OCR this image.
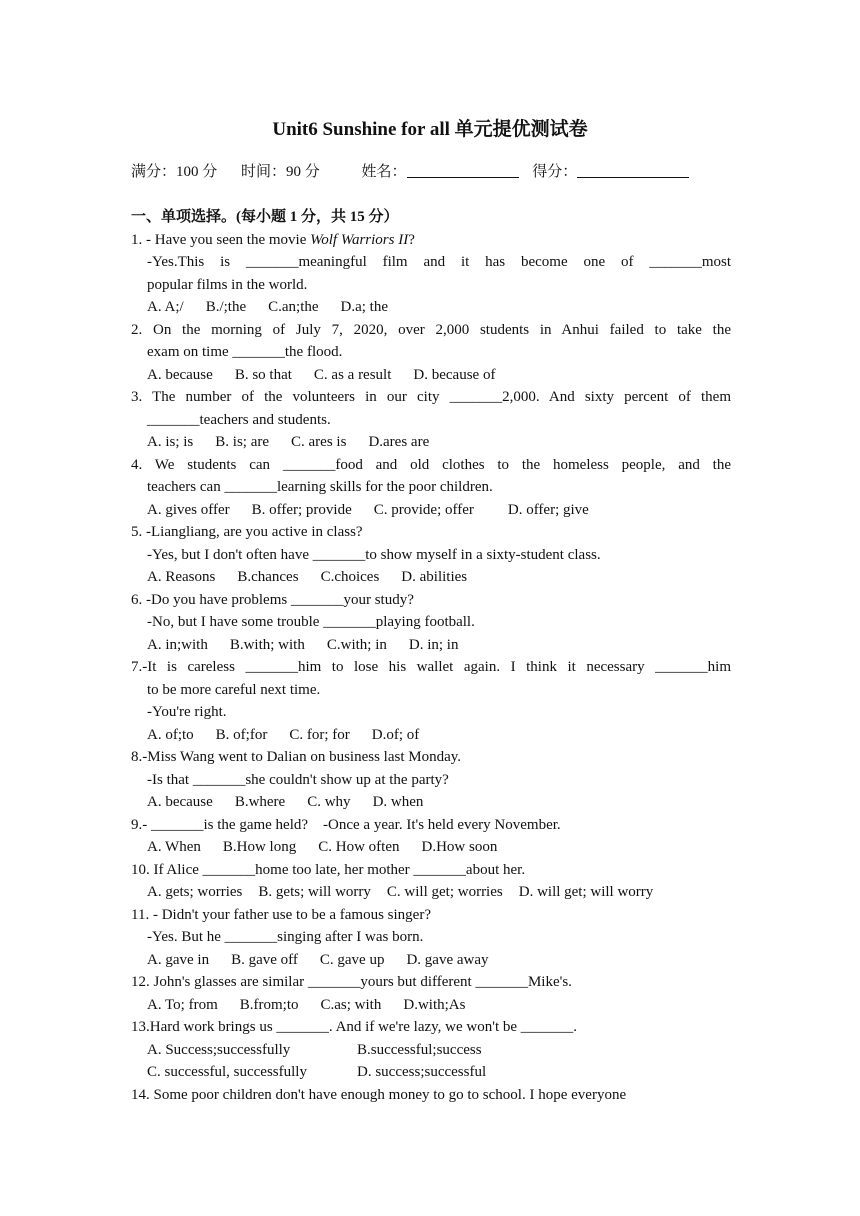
Unit6 Sunshine for all 单元提优测试卷
满分：100 分 时间：90 分	姓名：	得分：
一、单项选择。(每小题 1 分，共 15 分）
1. - Have you seen the movie Wolf Warriors II?
-Yes.This is _______meaningful film and it has become one of _______most
popular films in the world.
A. A;/ B./;the C.an;the D.a; the
2. On the morning of July 7, 2020, over 2,000 students in Anhui failed to take the
exam on time _______the flood.
A. because B. so that C. as a result D. because of
3. The number of the volunteers in our city _______2,000. And sixty percent of them
_______teachers and students.
A. is; is B. is; are C. ares is D.ares are
4. We students can _______food and old clothes to the homeless people, and the
teachers can _______learning skills for the poor children.
A. gives offer B. offer; provide C. provide; offer D. offer; give
5. -Liangliang, are you active in class?
-Yes, but I don't often have _______to show myself in a sixty-student class.
A. Reasons B.chances C.choices D. abilities
6. -Do you have problems _______your study?
-No, but I have some trouble _______playing football.
A. in;with B.with; with C.with; in D. in; in
7.-It is careless _______him to lose his wallet again. I think it necessary _______him
to be more careful next time.
-You're right.
A. of;to B. of;for C. for; for D.of; of
8.-Miss Wang went to Dalian on business last Monday.
-Is that _______she couldn't show up at the party?
A. because B.where C. why D. when
9.- _______is the game held?    -Once a year. It's held every November.
A. When B.How long C. How often D.How soon
10. If Alice _______home too late, her mother _______about her.
A. gets; worries B. gets; will worry C. will get; worries D. will get; will worry
11. - Didn't your father use to be a famous singer?
-Yes. But he _______singing after I was born.
A. gave in B. gave off C. gave up D. gave away
12. John's glasses are similar _______yours but different _______Mike's.
A. To; from B.from;to C.as; with D.with;As
13.Hard work brings us _______. And if we're lazy, we won't be _______.
A. Success;successfully	B.successful;success
C. successful, successfully	D. success;successful
14. Some poor children don't have enough money to go to school. I hope everyone
